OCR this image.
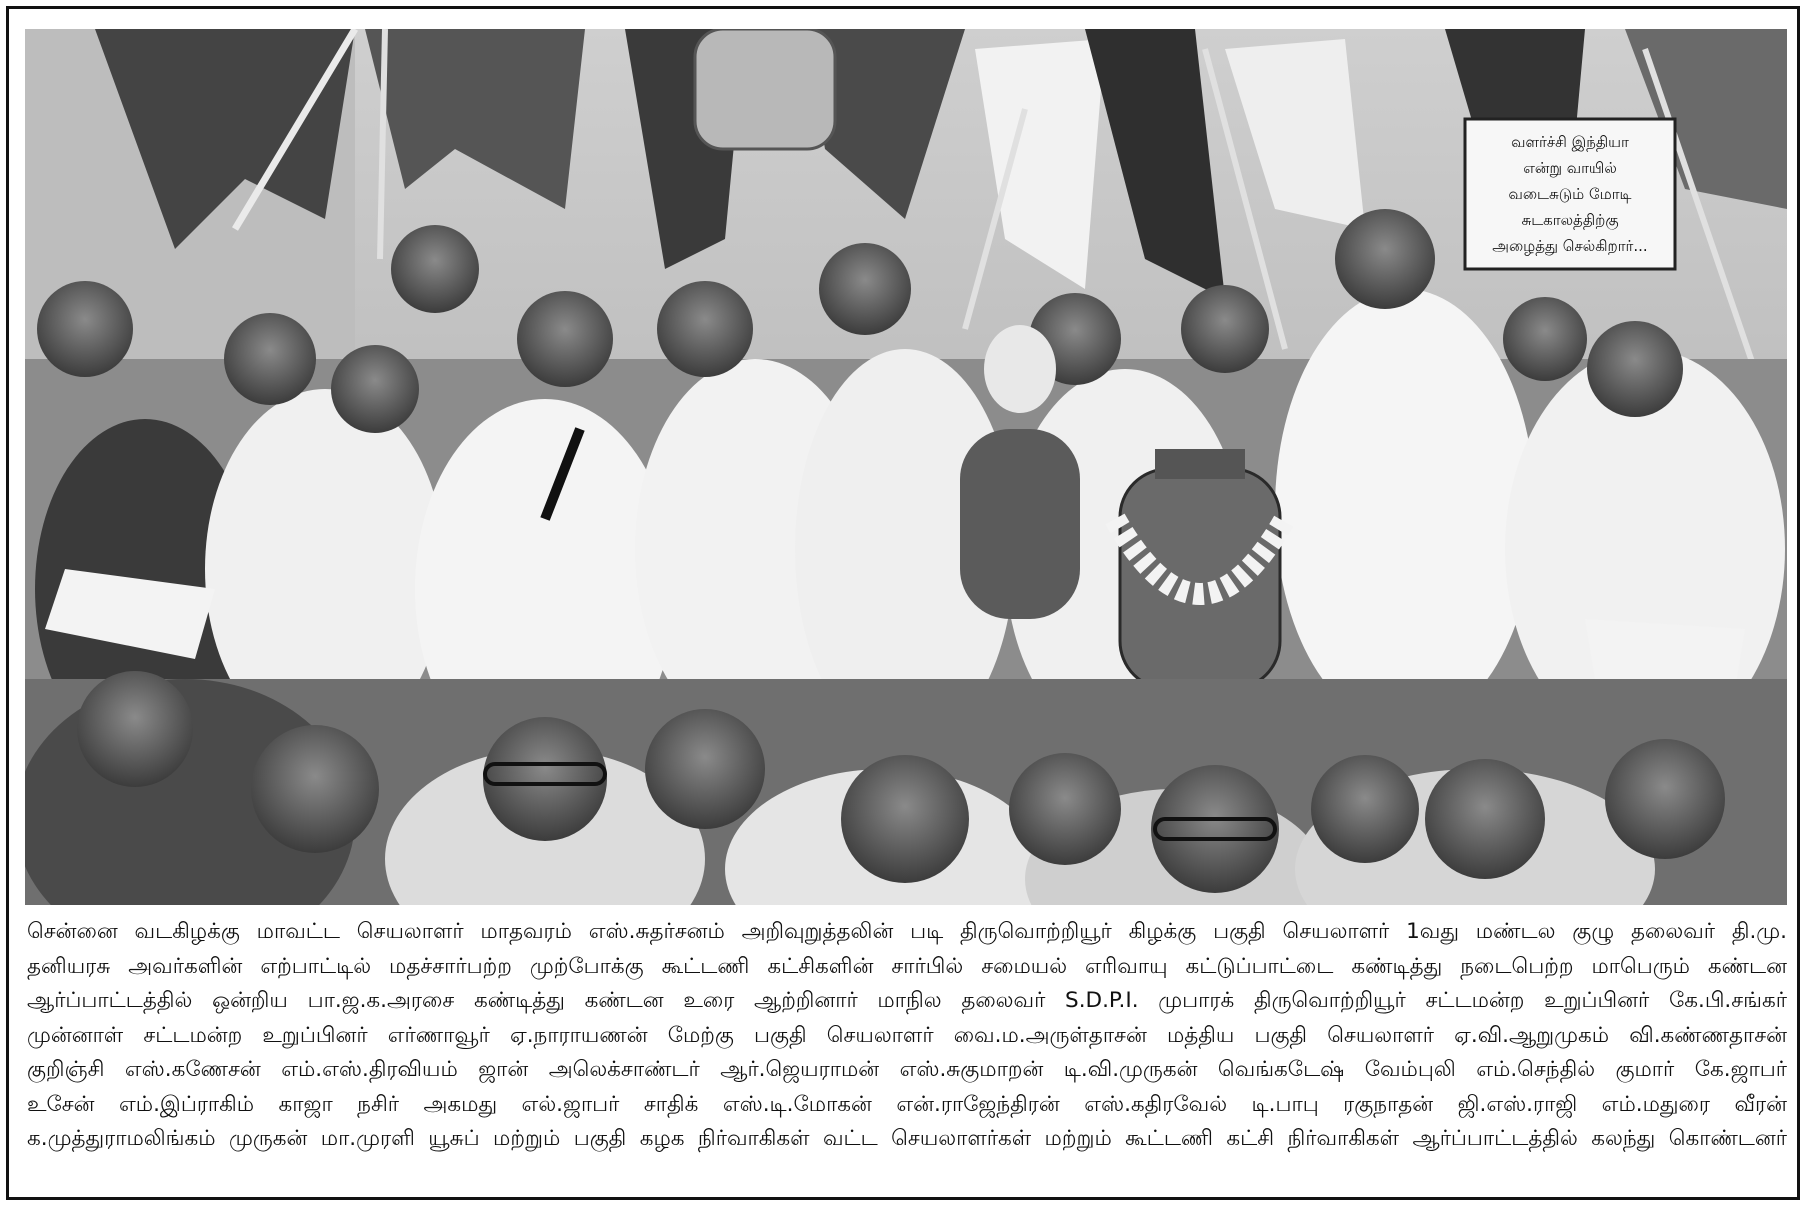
வளர்ச்சி இந்தியா என்று வாயில் வடைசுடும் மோடி சுடகாலத்திற்கு அழைத்து செல்கிறார்...
சென்னை வடகிழக்கு மாவட்ட செயலாளர் மாதவரம் எஸ்.சுதர்சனம் அறிவுறுத்தலின் படி திருவொற்றியூர் கிழக்கு பகுதி செயலாளர் 1வது மண்டல குழு தலைவர் தி.மு.
தனியரசு அவர்களின் எற்பாட்டில் மதச்சார்பற்ற முற்போக்கு கூட்டணி கட்சிகளின் சார்பில் சமையல் எரிவாயு கட்டுப்பாட்டை கண்டித்து நடைபெற்ற மாபெரும் கண்டன
ஆர்ப்பாட்டத்தில் ஒன்றிய பா.ஜ.க.அரசை கண்டித்து கண்டன உரை ஆற்றினார் மாநில தலைவர் S.D.P.I. முபாரக் திருவொற்றியூர் சட்டமன்ற உறுப்பினர் கே.பி.சங்கர்
முன்னாள் சட்டமன்ற உறுப்பினர் எர்ணாவூர் ஏ.நாராயணன் மேற்கு பகுதி செயலாளர் வை.ம.அருள்தாசன் மத்திய பகுதி செயலாளர் ஏ.வி.ஆறுமுகம் வி.கண்ணதாசன்
குறிஞ்சி எஸ்.கணேசன் எம்.எஸ்.திரவியம் ஜான் அலெக்சாண்டர் ஆர்.ஜெயராமன் எஸ்.சுகுமாறன் டி.வி.முருகன் வெங்கடேஷ் வேம்புலி எம்.செந்தில் குமார் கே.ஜாபர்
உசேன் எம்.இப்ராகிம் காஜா நசிர் அகமது எல்.ஜாபர் சாதிக் எஸ்.டி.மோகன் என்.ராஜேந்திரன் எஸ்.கதிரவேல் டி.பாபு ரகுநாதன் ஜி.எஸ்.ராஜி எம்.மதுரை வீரன்
க.முத்துராமலிங்கம் முருகன் மா.முரளி யூசுப் மற்றும் பகுதி கழக நிர்வாகிகள் வட்ட செயலாளர்கள் மற்றும் கூட்டணி கட்சி நிர்வாகிகள் ஆர்ப்பாட்டத்தில் கலந்து கொண்டனர்
